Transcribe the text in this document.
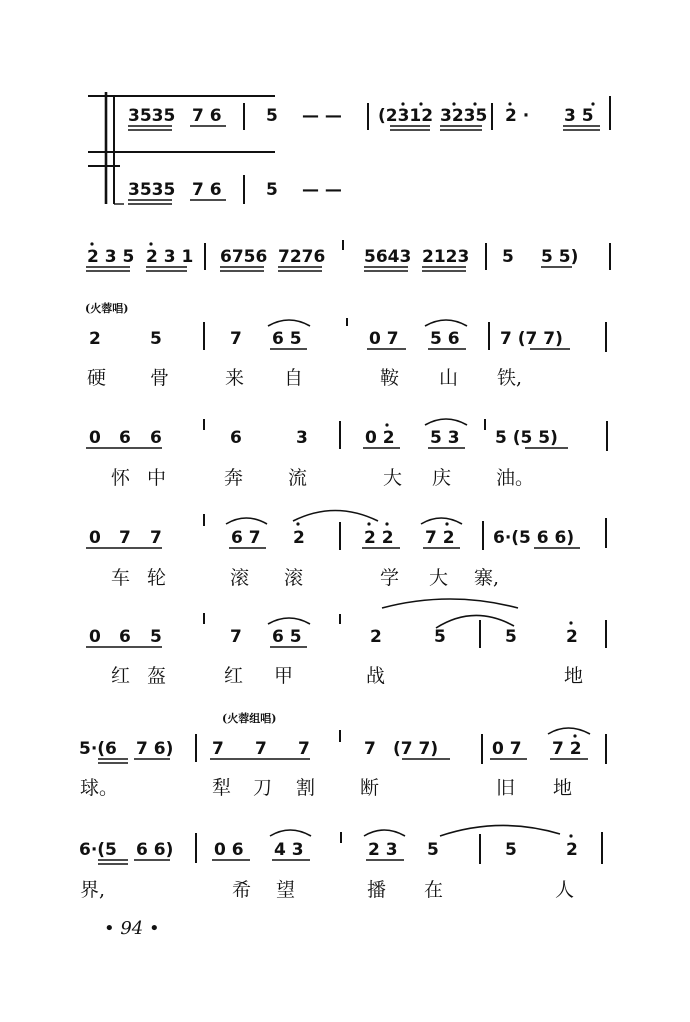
3535 7 6	5 — — (2312 3235 2 · 3 5
3535 7 6	5 — —
2 3 5 2 3 1 6756 7276 5643 2123 5 5 5)
(火蓉唱)
2	5	7 6 5	0 7 5 6 7 (7 7)
硬 骨	来 自	鞍 山 铁,
0 6 6	6	3	0 2 5 3 5 (5 5)
怀 中	奔 流	大 庆 油。
0 7 7	6 7 2	2 2 7 2 6·(5 6 6)
车 轮	滚 滚	学 大 寨,
0 6 5	7 6 5	2	5	5	2
红 盔	红 甲	战	地
(火蓉组唱)
5·(6 7 6) 7 7 7	7 (7 7)	0 7 7 2
球。	犁 刀 割 断	旧 地
6·(5 6 6) 0 6 4 3	2 3 5	5	2
界,	希 望	播 在	人
• 94 •
